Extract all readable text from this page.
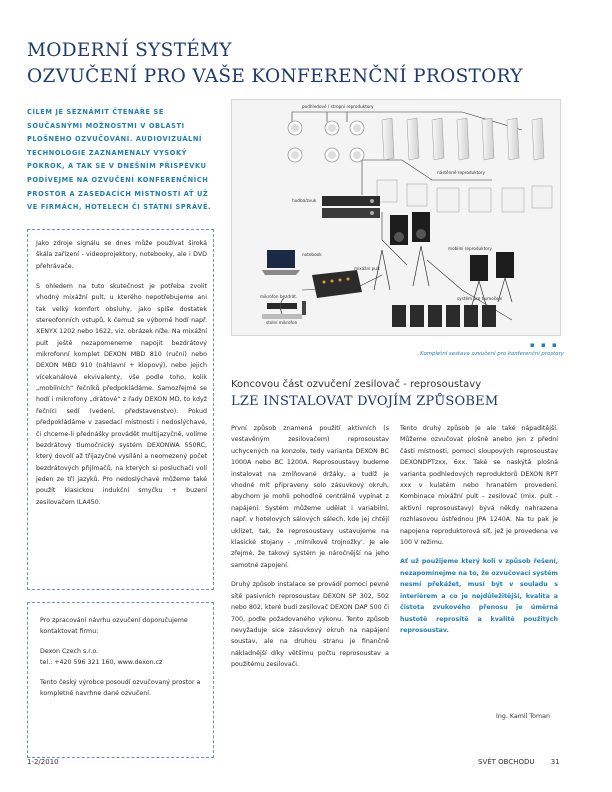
MODERNÍ SYSTÉMY
OZVUČENÍ PRO VAŠE KONFERENČNÍ PROSTORY
CÍLEM JE SEZNÁMIT ČTENÁŘE SE SOUČASNÝMI MOŽNOSTMI V OBLASTI PLOŠNÉHO OZVUČOVÁNÍ. AUDIOVIZUÁLNÍ TECHNOLOGIE ZAZNAMENALY VYSOKÝ POKROK, A TAK SE V DNEŠNÍM PŘÍSPĚVKU PODÍVEJME NA OZVUČENÍ KONFERENČNÍCH PROSTOR A ZASEDACÍCH MÍSTNOSTÍ AŤ UŽ VE FIRMÁCH, HOTELECH ČI STÁTNÍ SPRÁVĚ.

Jako zdroje signálu se dnes může používat široká škála zařízení - videoprojektory, notebooky, ale i DVD přehrávače.

S ohledem na tuto skutečnost je potřeba zvolit vhodný mixážní pult, u kterého nepotřebujeme ani tak velký komfort obsluhy, jako spíše dostatek stereofonních vstupů, k čemuž se výborně hodí např. XENYX 1202 nebo 1622, viz. obrázek níže. Na mixážní pult ještě nezapomeneme napojit bezdrátový mikrofonní komplet DEXON MBD 810 (ruční) nebo DEXON MBD 910 (náhlavní + klopový), nebo jejich vícekanálové ekvivalenty, vše podle toho, kolik „mobilních“ řečníků předpokládáme. Samozřejmě se hodí i mikrofony „drátové“ z řady DEXON MD, to když řečníci sedí (vedení, představenstvo). Pokud předpokládáme v zasedací místnosti i nedoslýchavé, či chceme-li přednášky provádět multijazyčně, volíme bezdrátový tlumočnický systém DEXONWA 550RC, který dovolí až třijazyčné vysílání a neomezený počet bezdrátových přijímačů, na kterých si posluchači volí jeden ze tří jazyků. Pro nedoslýchavé můžeme také použít klasickou indukční smyčku + buzení zesilovačem ILA450.

Pro zpracování návrhu ozvučení doporučujeme kontaktovat firmu:

Dexon Czech s.r.o.

tel.: +420 596 321 160, www.dexon.cz

Tento český výrobce posoudí ozvučovaný prostor a kompletně navrhne dané ozvučení.

podhledové / stropní reproduktory
nástěnné reproduktory
hudba/zvuk
notebook
mixážní pult
mikrofon bezdrát.
stolní mikrofon
mobilní reproduktory
systém pro tlumočení
▪ ▪ ▪
Kompletní sestava ozvučení pro konferenční prostory
Koncovou část ozvučení zesilovač - reprosoustavy
LZE INSTALOVAT DVOJÍM ZPŮSOBEM

První způsob znamená použití aktivních (s vestavěným zesilovačem) reprosoustav uchycených na konzole, tedy varianta DEXON BC 1000A nebo BC 1200A. Reprosoustavy budeme instalovat na zmíňované držáky, a tudíž je vhodné mít připraveny solo zásuvkový okruh, abychom je mohli pohodlně centrálně vypínat z napájení. Systém můžeme udělat i variabilní, např. v hotelových sálových sálech, kde jej chtějí uklízet, tak, že reprosoustavy ustavujeme na klasické stojany - ‚mírníkové trojnožky‘. Je ale zřejmé, že takový systém je náročnější na jeho samotné zapojení.

Druhý způsob instalace se provádí pomocí pevné sítě pasivních reprosoustav DEXON SP 302, 502 nebo 802, které budí zesilovač DEXON DAP 500 či 700, podle požadovaného výkonu. Tento způsob nevyžaduje sice zásuvkový okruh na napájení soustav, ale na druhou stranu je finančně nákladnější díky většímu počtu reprosoustav a použitému zesilovači.

Tento druhý způsob je ale také nápaditější. Můžeme ozvučovat plošně anebo jen z přední části místnosti, pomocí sloupových reprosoustav DEXONDPTzxx, 6xx. Také se naskýtá plošná varianta podhledových reproduktorů DEXON RPT xxx v kulatém nebo hranatém provedení. Kombinace mixážní pult – zesilovač (mix. pult - aktivní reprosoustavy) bývá někdy nahrazena rozhlasovou ústřednou JPA 1240A. Na tu pak je napojena reproduktorová síť, jež je provedena ve 100 V režimu.

Ať už použijeme který koli v způsob řešení, nezapomínejme na to, že ozvučovací systém nesmí překážet, musí být v souladu s interiérem a co je nejdůležitější, kvalita a čistota zvukového přenosu je úměrná hustotě reprosítě a kvalitě použitých reprosoustav.

Ing. Kamil Toman
1-2/2010	SVĚT OBCHODU 31
